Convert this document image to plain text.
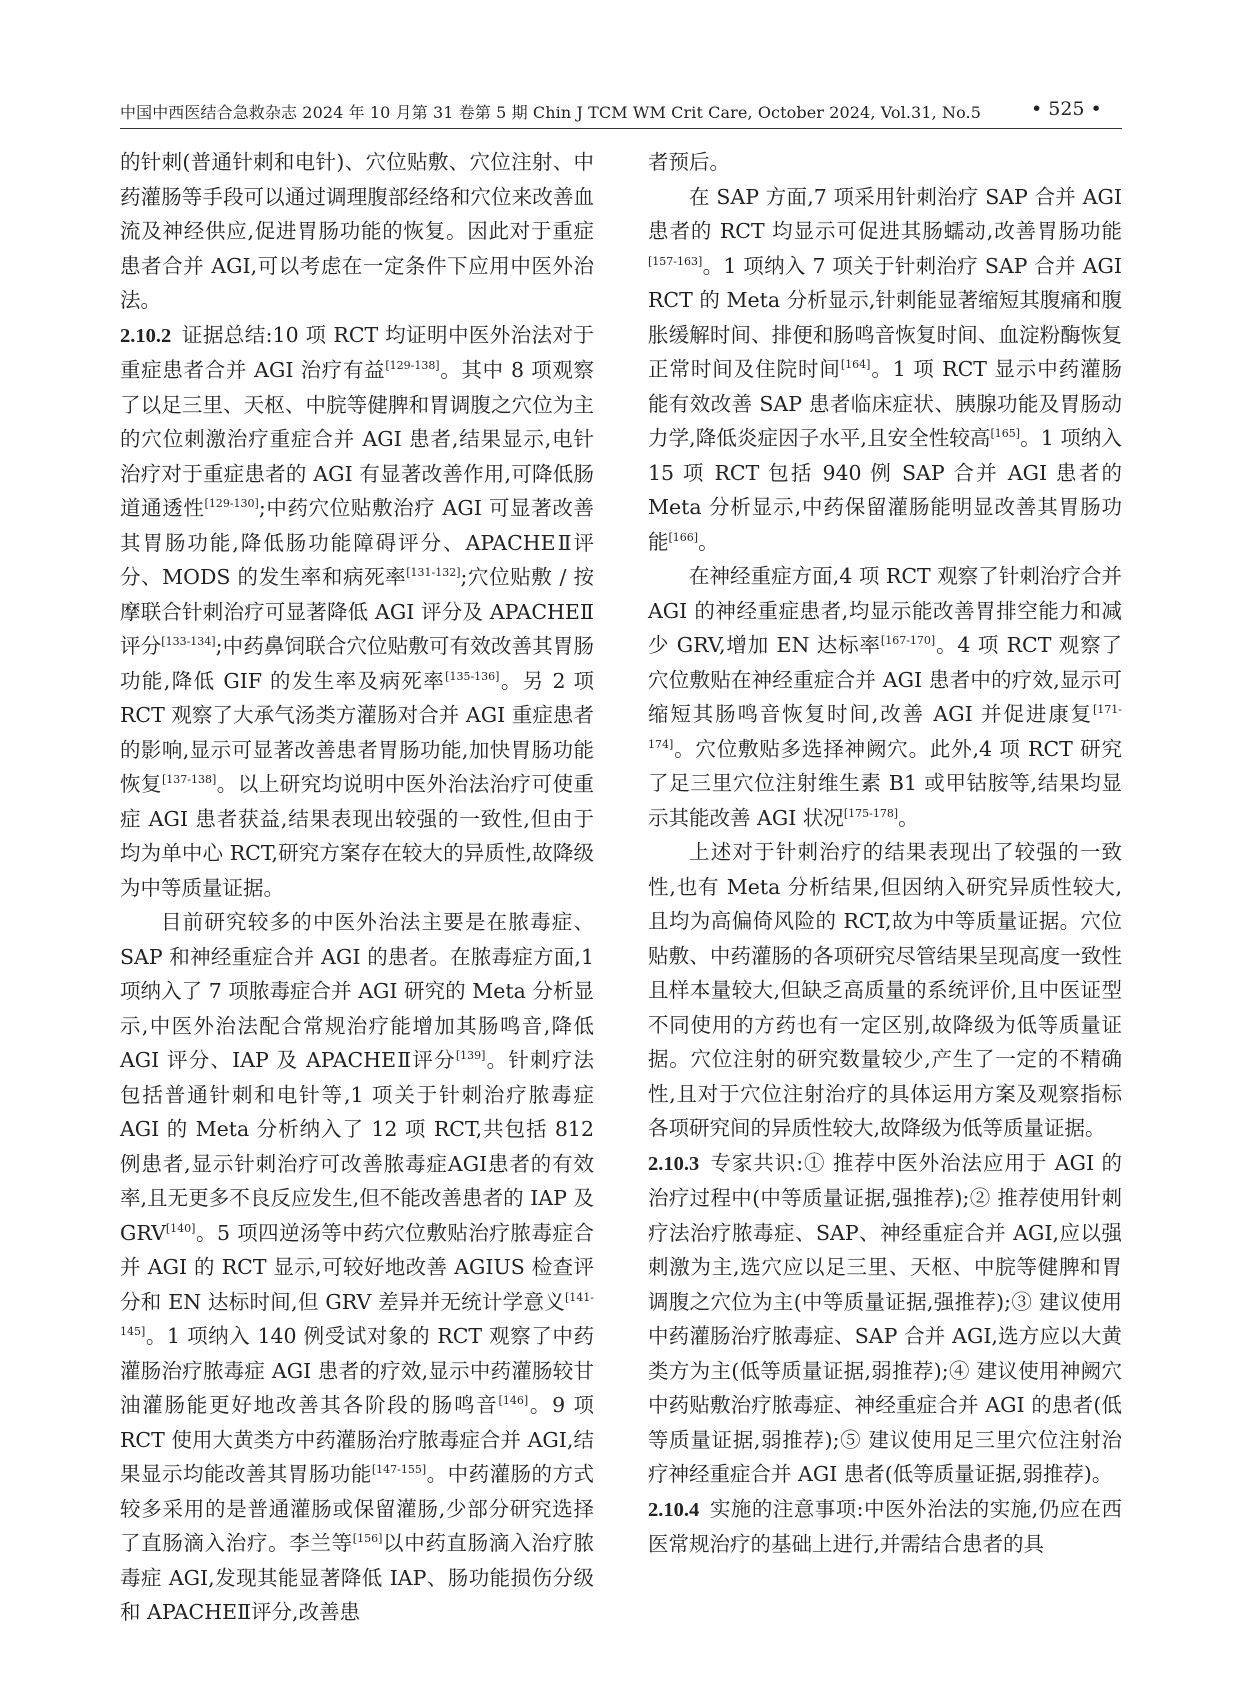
中国中西医结合急救杂志 2024 年 10 月第 31 卷第 5 期 Chin J TCM WM Crit Care, October 2024, Vol.31, No.5	• 525 •

的针刺(普通针刺和电针)、穴位贴敷、穴位注射、中药灌肠等手段可以通过调理腹部经络和穴位来改善血流及神经供应,促进胃肠功能的恢复。因此对于重症患者合并 AGI,可以考虑在一定条件下应用中医外治法。

2.10.2 证据总结:10 项 RCT 均证明中医外治法对于重症患者合并 AGI 治疗有益[129-138]。其中 8 项观察了以足三里、天枢、中脘等健脾和胃调腹之穴位为主的穴位刺激治疗重症合并 AGI 患者,结果显示,电针治疗对于重症患者的 AGI 有显著改善作用,可降低肠道通透性[129-130];中药穴位贴敷治疗 AGI 可显著改善其胃肠功能,降低肠功能障碍评分、APACHEⅡ评分、MODS 的发生率和病死率[131-132];穴位贴敷 / 按摩联合针刺治疗可显著降低 AGI 评分及 APACHEⅡ评分[133-134];中药鼻饲联合穴位贴敷可有效改善其胃肠功能,降低 GIF 的发生率及病死率[135-136]。另 2 项 RCT 观察了大承气汤类方灌肠对合并 AGI 重症患者的影响,显示可显著改善患者胃肠功能,加快胃肠功能恢复[137-138]。以上研究均说明中医外治法治疗可使重症 AGI 患者获益,结果表现出较强的一致性,但由于均为单中心 RCT,研究方案存在较大的异质性,故降级为中等质量证据。

目前研究较多的中医外治法主要是在脓毒症、SAP 和神经重症合并 AGI 的患者。在脓毒症方面,1 项纳入了 7 项脓毒症合并 AGI 研究的 Meta 分析显示,中医外治法配合常规治疗能增加其肠鸣音,降低 AGI 评分、IAP 及 APACHEⅡ评分[139]。针刺疗法包括普通针刺和电针等,1 项关于针刺治疗脓毒症 AGI 的 Meta 分析纳入了 12 项 RCT,共包括 812例患者,显示针刺治疗可改善脓毒症AGI患者的有效率,且无更多不良反应发生,但不能改善患者的 IAP 及 GRV[140]。5 项四逆汤等中药穴位敷贴治疗脓毒症合并 AGI 的 RCT 显示,可较好地改善 AGIUS 检查评分和 EN 达标时间,但 GRV 差异并无统计学意义[141-145]。1 项纳入 140 例受试对象的 RCT 观察了中药灌肠治疗脓毒症 AGI 患者的疗效,显示中药灌肠较甘油灌肠能更好地改善其各阶段的肠鸣音[146]。9 项 RCT 使用大黄类方中药灌肠治疗脓毒症合并 AGI,结果显示均能改善其胃肠功能[147-155]。中药灌肠的方式较多采用的是普通灌肠或保留灌肠,少部分研究选择了直肠滴入治疗。李兰等[156]以中药直肠滴入治疗脓毒症 AGI,发现其能显著降低 IAP、肠功能损伤分级和 APACHEⅡ评分,改善患

者预后。

在 SAP 方面,7 项采用针刺治疗 SAP 合并 AGI 患者的 RCT 均显示可促进其肠蠕动,改善胃肠功能[157-163]。1 项纳入 7 项关于针刺治疗 SAP 合并 AGI RCT 的 Meta 分析显示,针刺能显著缩短其腹痛和腹胀缓解时间、排便和肠鸣音恢复时间、血淀粉酶恢复正常时间及住院时间[164]。1 项 RCT 显示中药灌肠能有效改善 SAP 患者临床症状、胰腺功能及胃肠动力学,降低炎症因子水平,且安全性较高[165]。1 项纳入 15 项 RCT 包括 940 例 SAP 合并 AGI 患者的 Meta 分析显示,中药保留灌肠能明显改善其胃肠功能[166]。

在神经重症方面,4 项 RCT 观察了针刺治疗合并 AGI 的神经重症患者,均显示能改善胃排空能力和减少 GRV,增加 EN 达标率[167-170]。4 项 RCT 观察了穴位敷贴在神经重症合并 AGI 患者中的疗效,显示可缩短其肠鸣音恢复时间,改善 AGI 并促进康复[171-174]。穴位敷贴多选择神阙穴。此外,4 项 RCT 研究了足三里穴位注射维生素 B1 或甲钴胺等,结果均显示其能改善 AGI 状况[175-178]。

上述对于针刺治疗的结果表现出了较强的一致性,也有 Meta 分析结果,但因纳入研究异质性较大,且均为高偏倚风险的 RCT,故为中等质量证据。穴位贴敷、中药灌肠的各项研究尽管结果呈现高度一致性且样本量较大,但缺乏高质量的系统评价,且中医证型不同使用的方药也有一定区别,故降级为低等质量证据。穴位注射的研究数量较少,产生了一定的不精确性,且对于穴位注射治疗的具体运用方案及观察指标各项研究间的异质性较大,故降级为低等质量证据。

2.10.3 专家共识:① 推荐中医外治法应用于 AGI 的治疗过程中(中等质量证据,强推荐);② 推荐使用针刺疗法治疗脓毒症、SAP、神经重症合并 AGI,应以强刺激为主,选穴应以足三里、天枢、中脘等健脾和胃调腹之穴位为主(中等质量证据,强推荐);③ 建议使用中药灌肠治疗脓毒症、SAP 合并 AGI,选方应以大黄类方为主(低等质量证据,弱推荐);④ 建议使用神阙穴中药贴敷治疗脓毒症、神经重症合并 AGI 的患者(低等质量证据,弱推荐);⑤ 建议使用足三里穴位注射治疗神经重症合并 AGI 患者(低等质量证据,弱推荐)。

2.10.4 实施的注意事项:中医外治法的实施,仍应在西医常规治疗的基础上进行,并需结合患者的具
